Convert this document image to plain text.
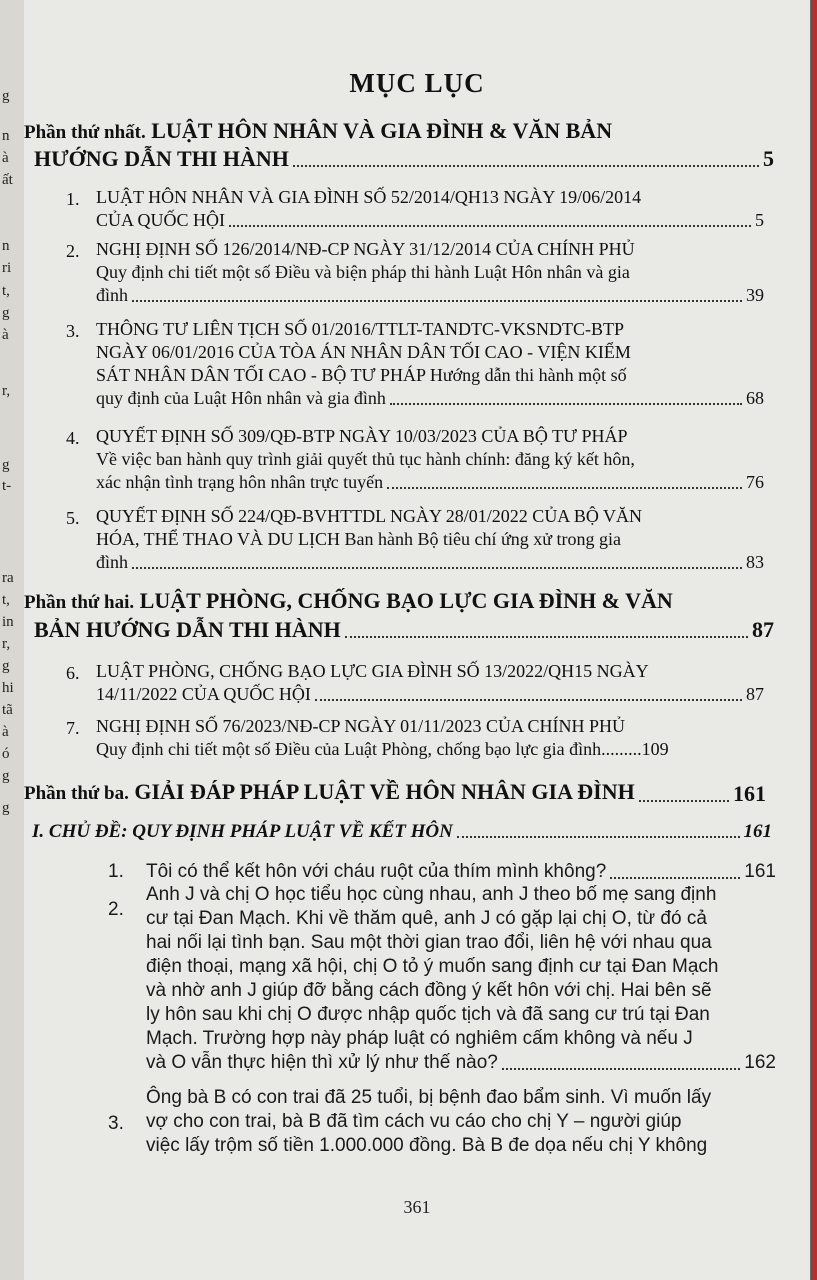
g
n
à
ất
n
ri
t,
g
à
r,
g
t-
ra
t,
in
r,
g
hi
tã
à
ó
g
g
MỤC LỤC
Phần thứ nhất. LUẬT HÔN NHÂN VÀ GIA ĐÌNH & VĂN BẢN
HƯỚNG DẪN THI HÀNH	5
1. LUẬT HÔN NHÂN VÀ GIA ĐÌNH SỐ 52/2014/QH13 NGÀY 19/06/2014
CỦA QUỐC HỘI	5
2. NGHỊ ĐỊNH SỐ 126/2014/NĐ-CP NGÀY 31/12/2014 CỦA CHÍNH PHỦ
Quy định chi tiết một số Điều và biện pháp thi hành Luật Hôn nhân và gia
đình	39
3. THÔNG TƯ LIÊN TỊCH SỐ 01/2016/TTLT-TANDTC-VKSNDTC-BTP
NGÀY 06/01/2016 CỦA TÒA ÁN NHÂN DÂN TỐI CAO - VIỆN KIỂM
SÁT NHÂN DÂN TỐI CAO - BỘ TƯ PHÁP Hướng dẫn thi hành một số
quy định của Luật Hôn nhân và gia đình	68
4. QUYẾT ĐỊNH SỐ 309/QĐ-BTP NGÀY 10/03/2023 CỦA BỘ TƯ PHÁP
Về việc ban hành quy trình giải quyết thủ tục hành chính: đăng ký kết hôn,
xác nhận tình trạng hôn nhân trực tuyến	76
5. QUYẾT ĐỊNH SỐ 224/QĐ-BVHTTDL NGÀY 28/01/2022 CỦA BỘ VĂN
HÓA, THỂ THAO VÀ DU LỊCH Ban hành Bộ tiêu chí ứng xử trong gia
đình	83
Phần thứ hai. LUẬT PHÒNG, CHỐNG BẠO LỰC GIA ĐÌNH & VĂN
BẢN HƯỚNG DẪN THI HÀNH	87
6. LUẬT PHÒNG, CHỐNG BẠO LỰC GIA ĐÌNH SỐ 13/2022/QH15 NGÀY
14/11/2022 CỦA QUỐC HỘI	87
7. NGHỊ ĐỊNH SỐ 76/2023/NĐ-CP NGÀY 01/11/2023 CỦA CHÍNH PHỦ
Quy định chi tiết một số Điều của Luật Phòng, chống bạo lực gia đình......... 109
Phần thứ ba. GIẢI ĐÁP PHÁP LUẬT VỀ HÔN NHÂN GIA ĐÌNH	161
I. CHỦ ĐỀ: QUY ĐỊNH PHÁP LUẬT VỀ KẾT HÔN	161
1. Tôi có thể kết hôn với cháu ruột của thím mình không?	161
2.
Anh J và chị O học tiểu học cùng nhau, anh J theo bố mẹ sang định
cư tại Đan Mạch. Khi về thăm quê, anh J có gặp lại chị O, từ đó cả
hai nối lại tình bạn. Sau một thời gian trao đổi, liên hệ với nhau qua
điện thoại, mạng xã hội, chị O tỏ ý muốn sang định cư tại Đan Mạch
và nhờ anh J giúp đỡ bằng cách đồng ý kết hôn với chị. Hai bên sẽ
ly hôn sau khi chị O được nhập quốc tịch và đã sang cư trú tại Đan
Mạch. Trường hợp này pháp luật có nghiêm cấm không và nếu J
và O vẫn thực hiện thì xử lý như thế nào?	162
3.
Ông bà B có con trai đã 25 tuổi, bị bệnh đao bẩm sinh. Vì muốn lấy
vợ cho con trai, bà B đã tìm cách vu cáo cho chị Y – người giúp
việc lấy trộm số tiền 1.000.000 đồng. Bà B đe dọa nếu chị Y không
361
